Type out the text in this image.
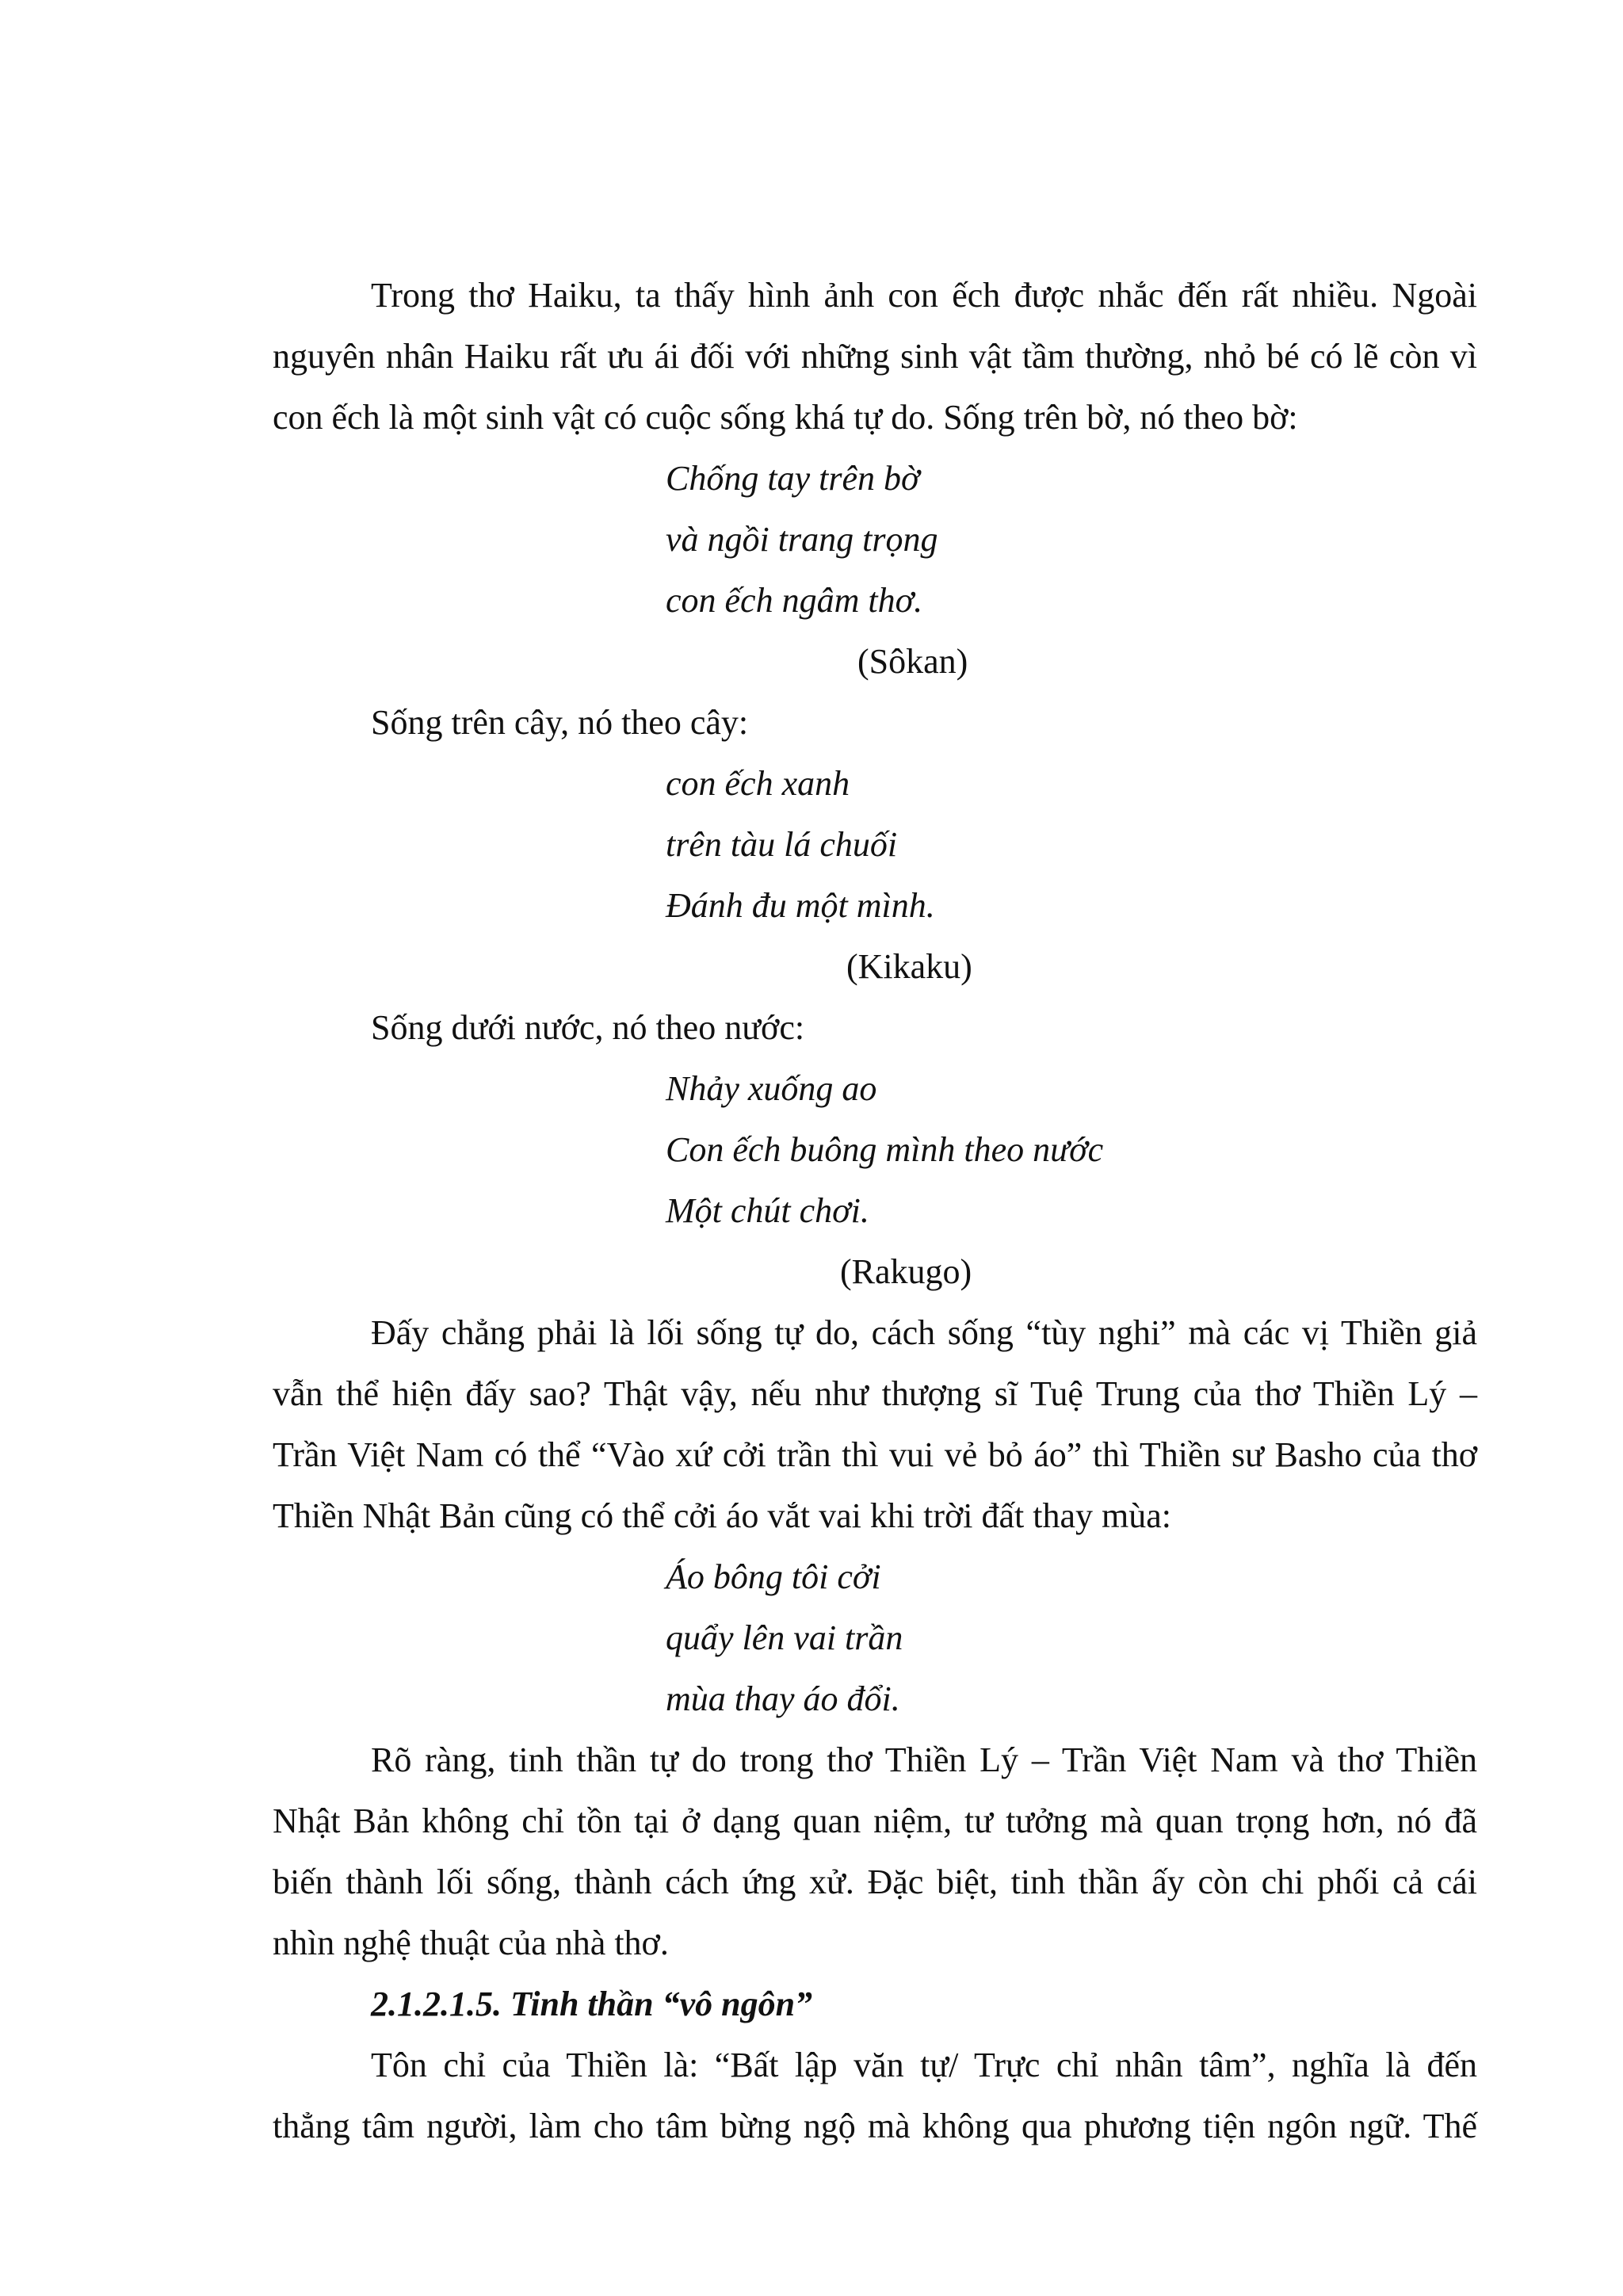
Trong thơ Haiku, ta thấy hình ảnh con ếch được nhắc đến rất nhiều. Ngoài

nguyên nhân Haiku rất ưu ái đối với những sinh vật tầm thường, nhỏ bé có lẽ còn vì

con ếch là một sinh vật có cuộc sống khá tự do. Sống trên bờ, nó theo bờ:

Chống tay trên bờ

và ngồi trang trọng

con ếch ngâm thơ.

(Sôkan)

Sống trên cây, nó theo cây:

con ếch xanh

trên tàu lá chuối

Đánh đu một mình.

(Kikaku)

Sống dưới nước, nó theo nước:

Nhảy xuống ao

Con ếch buông mình theo nước

Một chút chơi.

(Rakugo)

Đấy chẳng phải là lối sống tự do, cách sống “tùy nghi” mà các vị Thiền giả

vẫn thể hiện đấy sao? Thật vậy, nếu như thượng sĩ Tuệ Trung của thơ Thiền Lý –

Trần Việt Nam có thể “Vào xứ cởi trần thì vui vẻ bỏ áo” thì Thiền sư Basho của thơ

Thiền Nhật Bản cũng có thể cởi áo vắt vai khi trời đất thay mùa:

Áo bông tôi cởi

quẩy lên vai trần

mùa thay áo đổi.

Rõ ràng, tinh thần tự do trong thơ Thiền Lý – Trần Việt Nam và thơ Thiền

Nhật Bản không chỉ tồn tại ở dạng quan niệm, tư tưởng mà quan trọng hơn, nó đã

biến thành lối sống, thành cách ứng xử. Đặc biệt, tinh thần ấy còn chi phối cả cái

nhìn nghệ thuật của nhà thơ.

2.1.2.1.5. Tinh thần “vô ngôn”

Tôn chỉ của Thiền là: “Bất lập văn tự/ Trực chỉ nhân tâm”, nghĩa là đến

thẳng tâm người, làm cho tâm bừng ngộ mà không qua phương tiện ngôn ngữ. Thế
